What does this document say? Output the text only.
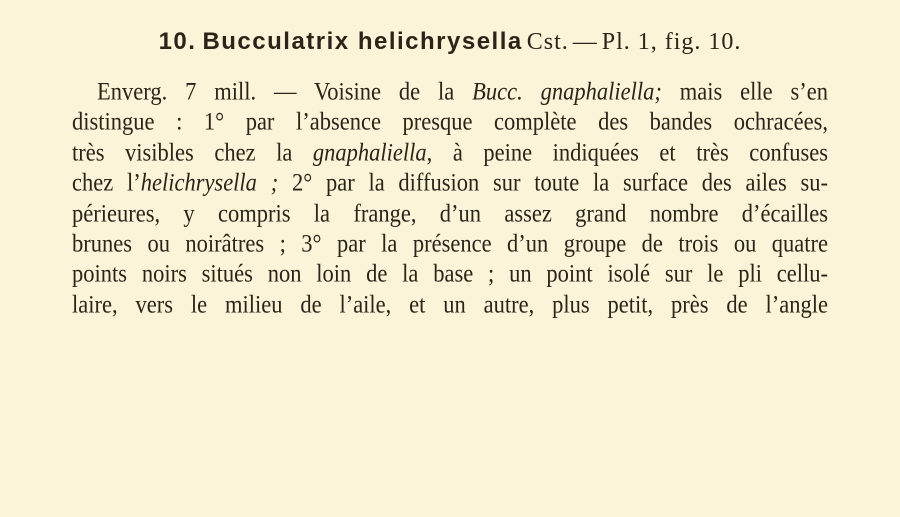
10. Bucculatrix helichrysella Cst. — Pl. 1, fig. 10.
Enverg. 7 mill. — Voisine de la Bucc. gnaphaliella; mais elle s’en
distingue : 1° par l’absence presque complète des bandes ochracées,
très visibles chez la gnaphaliella, à peine indiquées et très confuses
chez l’helichrysella ; 2° par la diffusion sur toute la surface des ailes su-
périeures, y compris la frange, d’un assez grand nombre d’écailles
brunes ou noirâtres ; 3° par la présence d’un groupe de trois ou quatre
points noirs situés non loin de la base ; un point isolé sur le pli cellu-
laire, vers le milieu de l’aile, et un autre, plus petit, près de l’angle
